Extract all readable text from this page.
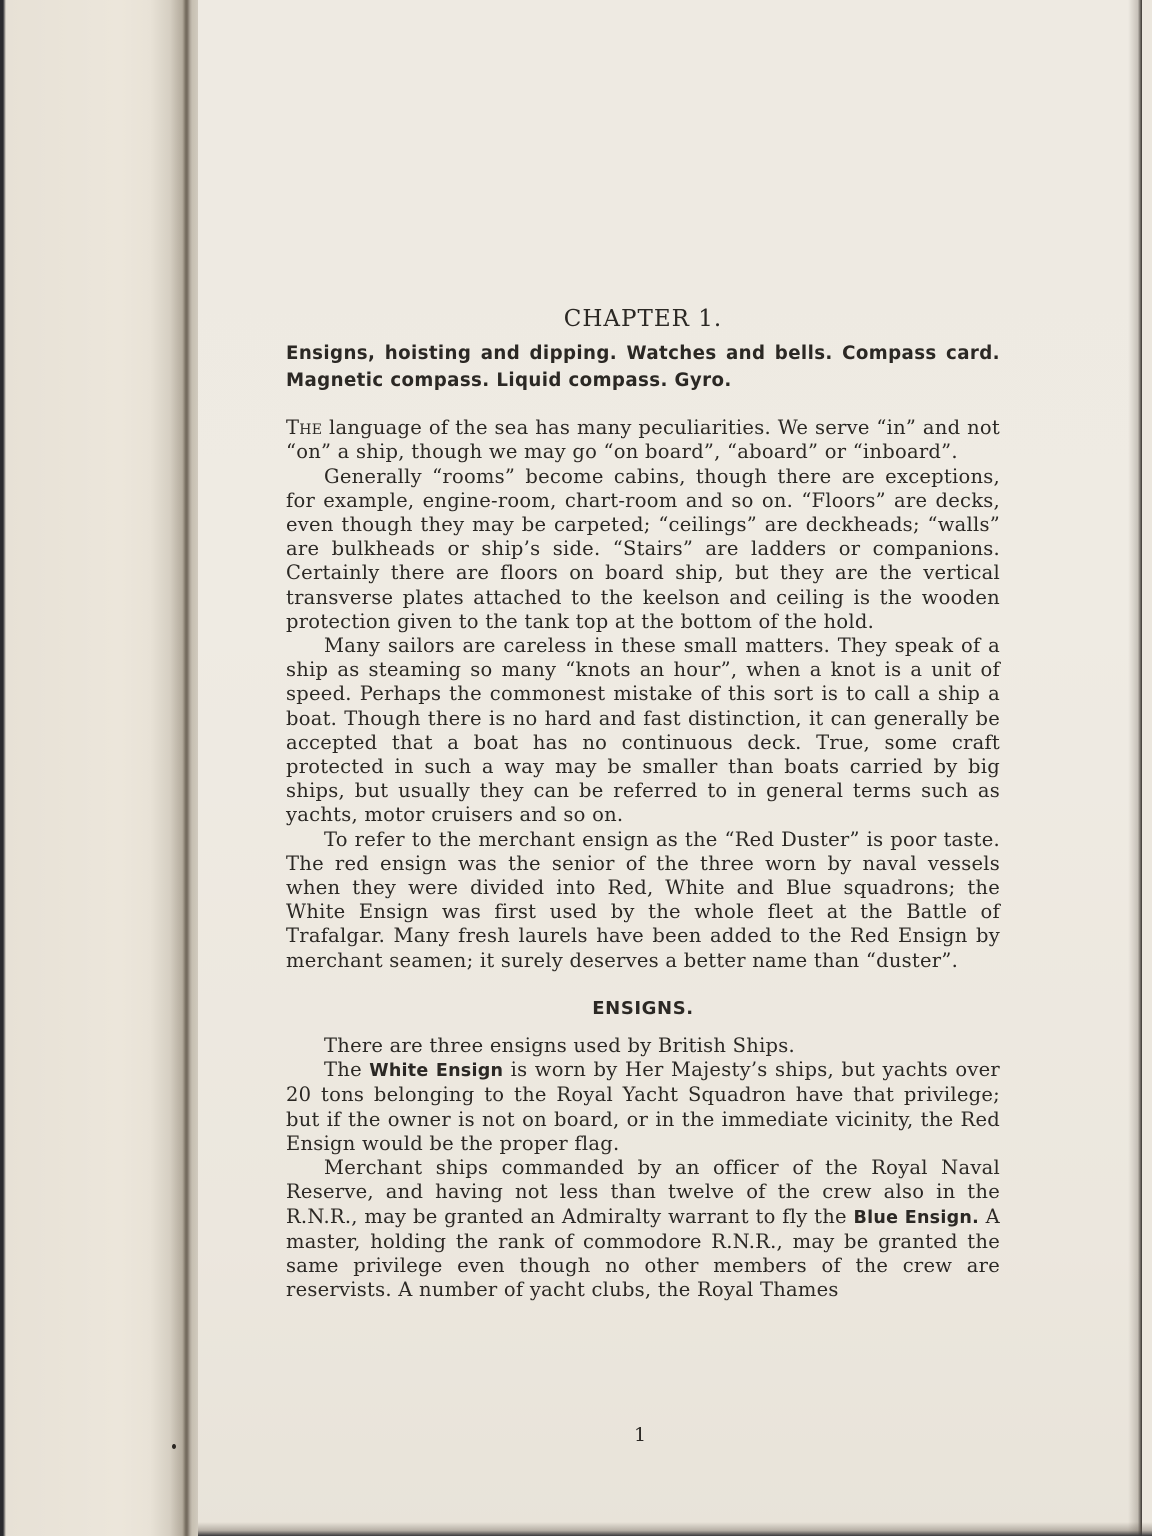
CHAPTER 1.
Ensigns, hoisting and dipping. Watches and bells. Compass card. Magnetic compass. Liquid compass. Gyro.

The language of the sea has many peculiarities. We serve “in” and not “on” a ship, though we may go “on board”, “aboard” or “inboard”.

Generally “rooms” become cabins, though there are exceptions, for example, engine-room, chart-room and so on. “Floors” are decks, even though they may be carpeted; “ceilings” are deckheads; “walls” are bulkheads or ship’s side. “Stairs” are ladders or companions. Certainly there are floors on board ship, but they are the vertical transverse plates attached to the keelson and ceiling is the wooden protection given to the tank top at the bottom of the hold.

Many sailors are careless in these small matters. They speak of a ship as steaming so many “knots an hour”, when a knot is a unit of speed. Perhaps the commonest mistake of this sort is to call a ship a boat. Though there is no hard and fast distinction, it can generally be accepted that a boat has no continuous deck. True, some craft protected in such a way may be smaller than boats carried by big ships, but usually they can be referred to in general terms such as yachts, motor cruisers and so on.

To refer to the merchant ensign as the “Red Duster” is poor taste. The red ensign was the senior of the three worn by naval vessels when they were divided into Red, White and Blue squadrons; the White Ensign was first used by the whole fleet at the Battle of Trafalgar. Many fresh laurels have been added to the Red Ensign by merchant seamen; it surely deserves a better name than “duster”.

ENSIGNS.

There are three ensigns used by British Ships.

The White Ensign is worn by Her Majesty’s ships, but yachts over 20 tons belonging to the Royal Yacht Squadron have that privilege; but if the owner is not on board, or in the immediate vicinity, the Red Ensign would be the proper flag.

Merchant ships commanded by an officer of the Royal Naval Reserve, and having not less than twelve of the crew also in the R.N.R., may be granted an Admiralty warrant to fly the Blue Ensign. A master, holding the rank of commodore R.N.R., may be granted the same privilege even though no other members of the crew are reservists. A number of yacht clubs, the Royal Thames

1
